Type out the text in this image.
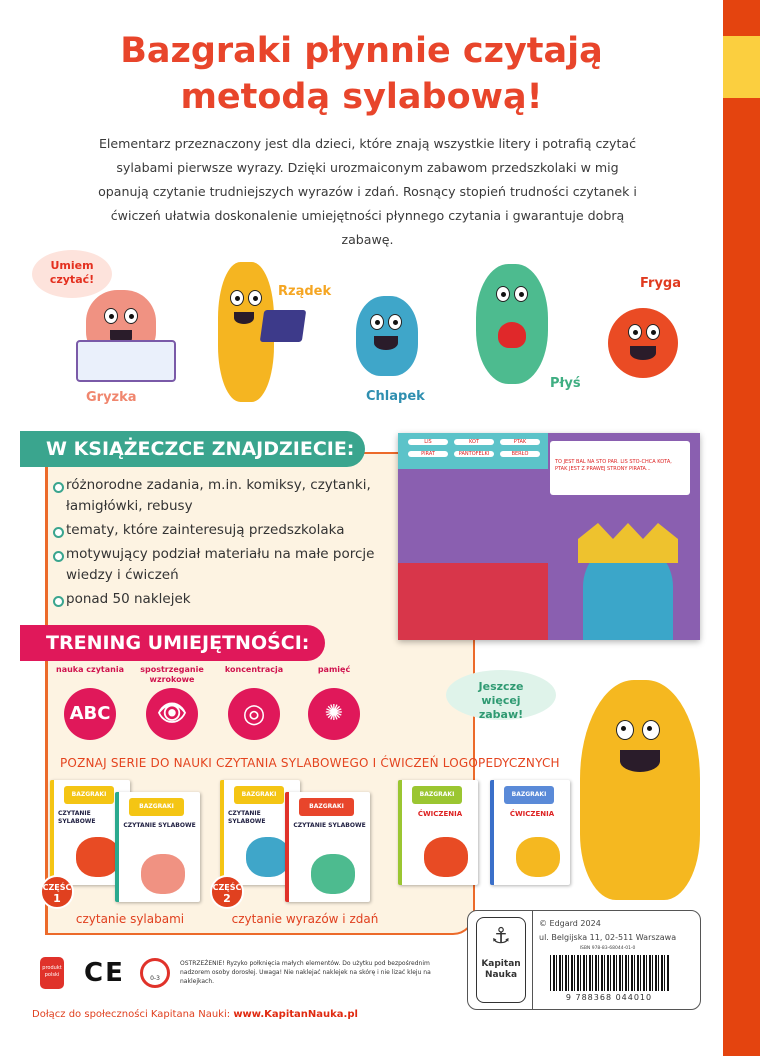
Bazgraki płynnie czytają
metodą sylabową!
Elementarz przeznaczony jest dla dzieci, które znają wszystkie litery i potrafią czytać sylabami pierwsze wyrazy. Dzięki urozmaiconym zabawom przedszkolaki w mig opanują czytanie trudniejszych wyrazów i zdań. Rosnący stopień trudności czytanek i ćwiczeń ułatwia doskonalenie umiejętności płynnego czytania i gwarantuje dobrą zabawę.
Umiem czytać!
Gryzka
Rządek
Chlapek
Płyś
Fryga
W KSIĄŻECZCE ZNAJDZIECIE:
różnorodne zadania, m.in. komiksy, czytanki, łamigłówki, rebusy
tematy, które zainteresują przedszkolaka
motywujący podział materiału na małe porcje wiedzy i ćwiczeń
ponad 50 naklejek
LIS	KOT	PTAK
PIRAT	PANTOFELKI	BERŁO
TO JEST BAL NA STO PAR. LIS STO-CHCA KOTA, PTAK JEST Z PRAWEJ STRONY PIRATA...
TRENING UMIEJĘTNOŚCI:
nauka czytania
ABC
spostrzeganie wzrokowe
👁
koncentracja
◎
pamięć
✺
Jeszcze więcej zabaw!
POZNAJ SERIE DO NAUKI CZYTANIA SYLABOWEGO I ĆWICZEŃ LOGOPEDYCZNYCH
BAZGRAKI
CZYTANIE SYLABOWE
BAZGRAKI
CZYTANIE SYLABOWE
CZĘŚĆ
1
czytanie sylabami
BAZGRAKI
CZYTANIE SYLABOWE
BAZGRAKI
CZYTANIE SYLABOWE
CZĘŚĆ
2
czytanie wyrazów i zdań
BAZGRAKI
ĆWICZENIA
BAZGRAKI
ĆWICZENIA
produkt polski CE	0-3
OSTRZEŻENIE! Ryzyko połknięcia małych elementów. Do użytku pod bezpośrednim nadzorem osoby dorosłej. Uwaga! Nie naklejać naklejek na skórę i nie lizać kleju na naklejkach.
Dołącz do społeczności Kapitana Nauki: www.KapitanNauka.pl
⚓
Kapitan Nauka
© Edgard 2024
ul. Belgijska 11, 02-511 Warszawa
ISBN 978-83-68044-01-0
9 788368 044010
